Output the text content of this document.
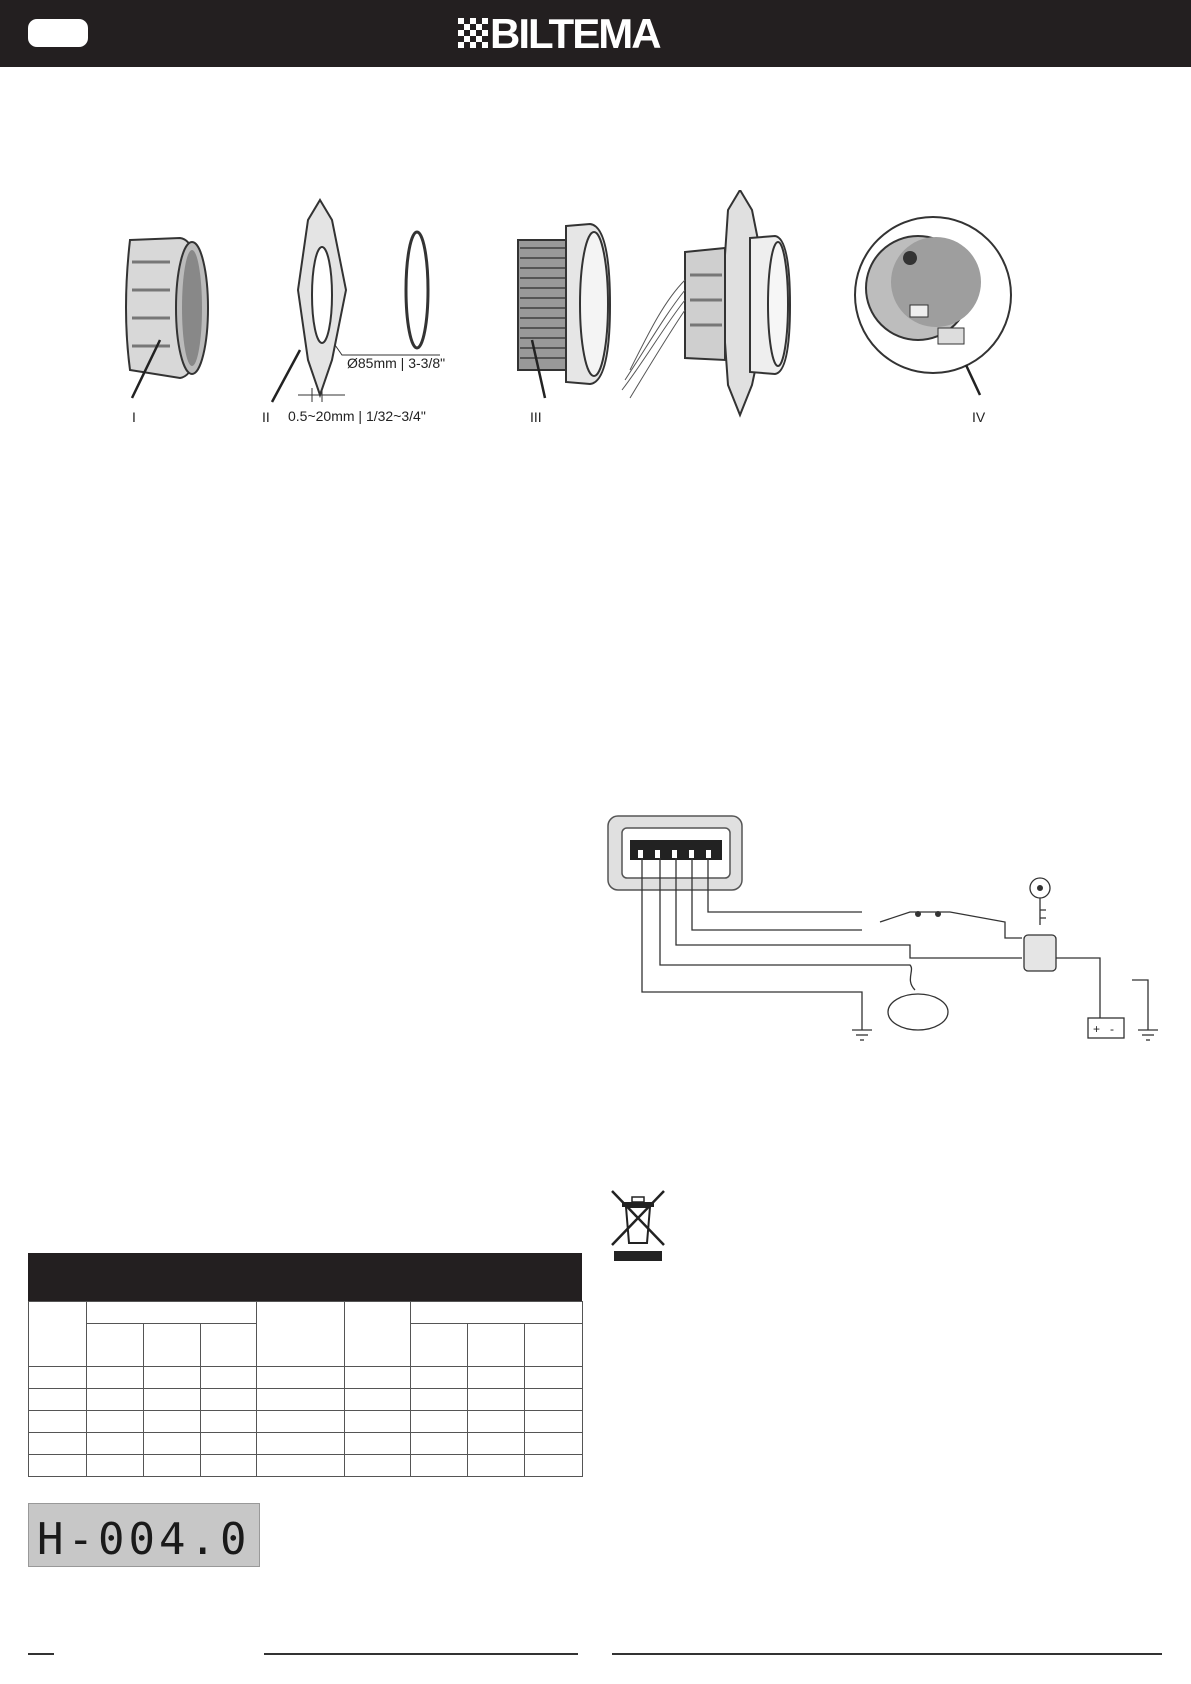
BILTEMA
I	II
Ø85mm | 3-3/8"
0.5~20mm | 1/32~3/4"	III	IV
+ -

H-004.0
